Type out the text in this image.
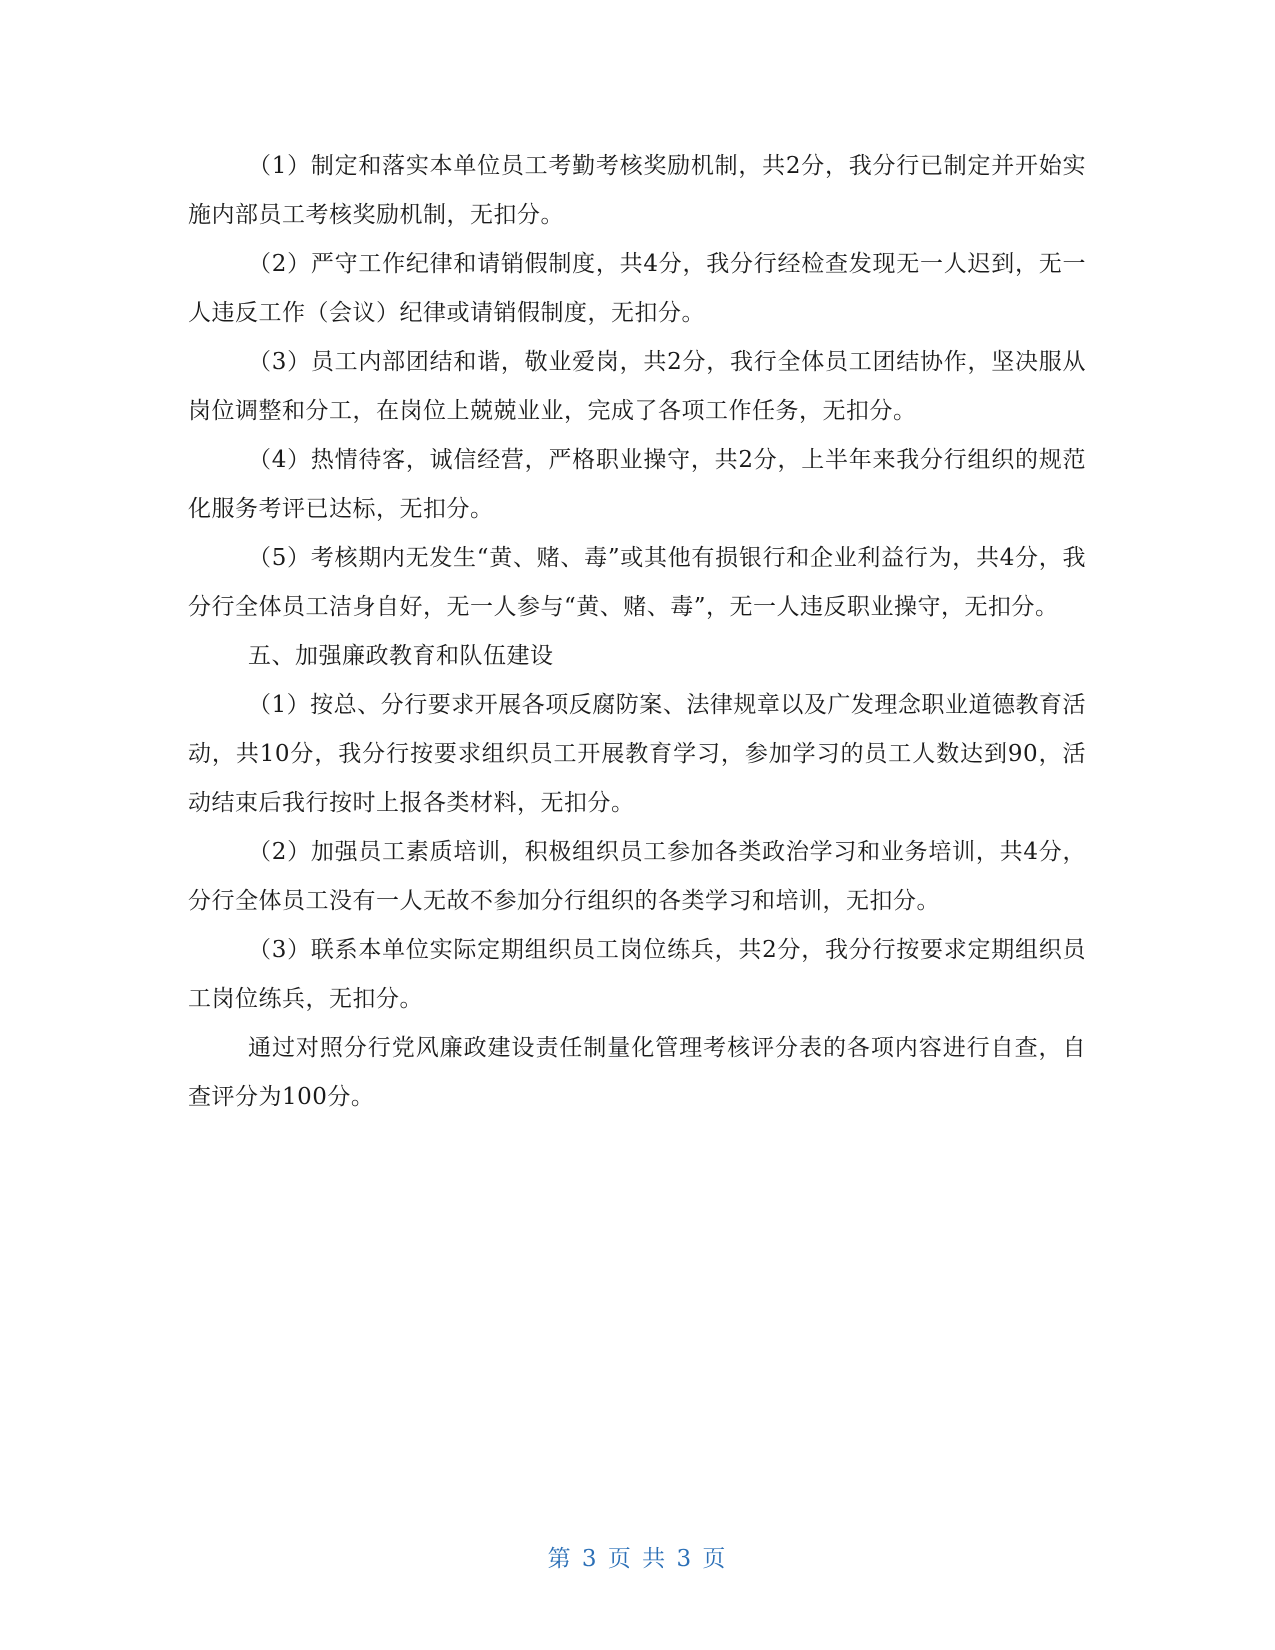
（1）制定和落实本单位员工考勤考核奖励机制，共2分，我分行已制定并开始实施内部员工考核奖励机制，无扣分。

（2）严守工作纪律和请销假制度，共4分，我分行经检查发现无一人迟到，无一人违反工作（会议）纪律或请销假制度，无扣分。

（3）员工内部团结和谐，敬业爱岗，共2分，我行全体员工团结协作，坚决服从岗位调整和分工，在岗位上兢兢业业，完成了各项工作任务，无扣分。

（4）热情待客，诚信经营，严格职业操守，共2分，上半年来我分行组织的规范化服务考评已达标，无扣分。

（5）考核期内无发生“黄、赌、毒”或其他有损银行和企业利益行为，共4分，我分行全体员工洁身自好，无一人参与“黄、赌、毒”，无一人违反职业操守，无扣分。

五、加强廉政教育和队伍建设

（1）按总、分行要求开展各项反腐防案、法律规章以及广发理念职业道德教育活动，共10分，我分行按要求组织员工开展教育学习，参加学习的员工人数达到90，活动结束后我行按时上报各类材料，无扣分。

（2）加强员工素质培训，积极组织员工参加各类政治学习和业务培训，共4分，分行全体员工没有一人无故不参加分行组织的各类学习和培训，无扣分。

（3）联系本单位实际定期组织员工岗位练兵，共2分，我分行按要求定期组织员工岗位练兵，无扣分。

通过对照分行党风廉政建设责任制量化管理考核评分表的各项内容进行自查，自查评分为100分。

第 3 页 共 3 页
